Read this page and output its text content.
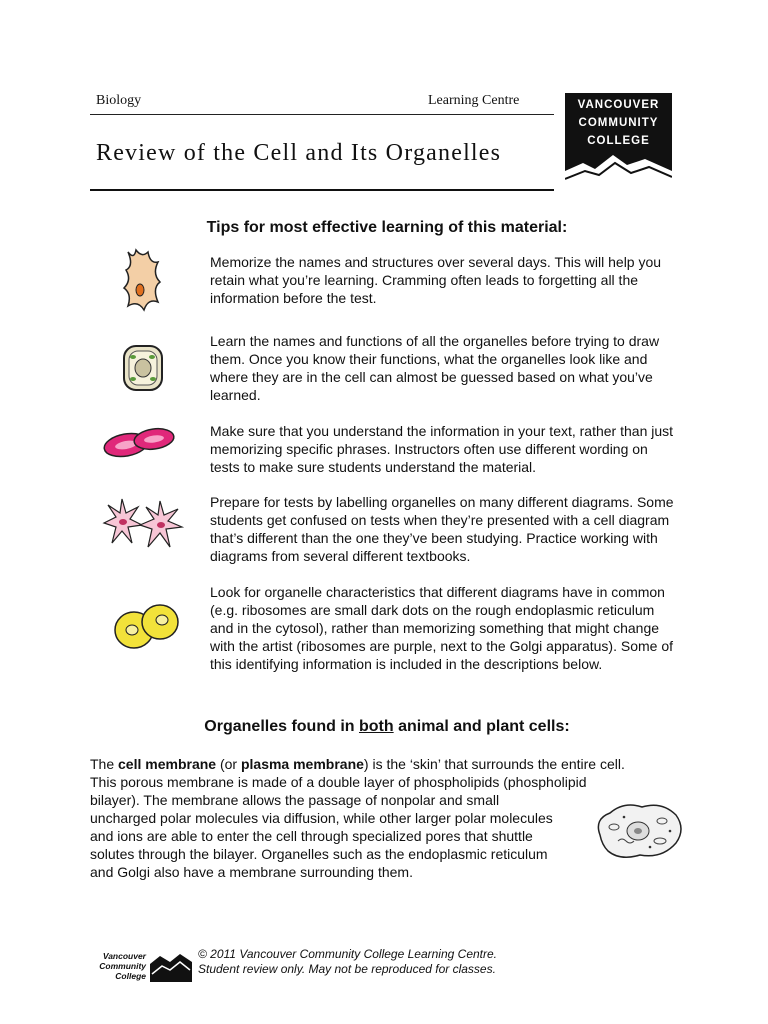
Biology	Learning Centre
Review of the Cell and Its Organelles
VANCOUVER
COMMUNITY
COLLEGE
Tips for most effective learning of this material:
Memorize the names and structures over several days. This will help you retain what you’re learning. Cramming often leads to forgetting all the information before the test.
Learn the names and functions of all the organelles before trying to draw them. Once you know their functions, what the organelles look like and where they are in the cell can almost be guessed based on what you’ve learned.
Make sure that you understand the information in your text, rather than just memorizing specific phrases. Instructors often use different wording on tests to make sure students understand the material.
Prepare for tests by labelling organelles on many different diagrams. Some students get confused on tests when they’re presented with a cell diagram that’s different than the one they’ve been studying. Practice working with diagrams from several different textbooks.
Look for organelle characteristics that different diagrams have in common (e.g. ribosomes are small dark dots on the rough endoplasmic reticulum and in the cytosol), rather than memorizing something that might change with the artist (ribosomes are purple, next to the Golgi apparatus). Some of this identifying information is included in the descriptions below.
Organelles found in both animal and plant cells:
The cell membrane (or plasma membrane) is the ‘skin’ that surrounds the entire cell.
This porous membrane is made of a double layer of phospholipids (phospholipid
bilayer). The membrane allows the passage of nonpolar and small uncharged polar molecules via diffusion, while other larger polar molecules and ions are able to enter the cell through specialized pores that shuttle solutes through the bilayer. Organelles such as the endoplasmic reticulum and Golgi also have a membrane surrounding them.
Vancouver
Community
College
© 2011 Vancouver Community College Learning Centre.
Student review only. May not be reproduced for classes.
